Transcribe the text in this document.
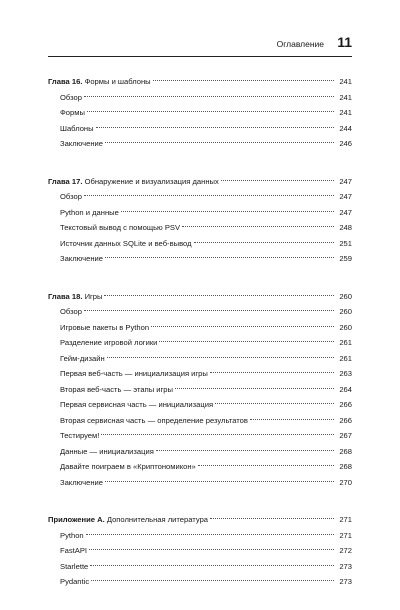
Оглавление 11
Глава 16. Формы и шаблоны	241
Обзор	241
Формы	241
Шаблоны	244
Заключение	246
Глава 17. Обнаружение и визуализация данных	247
Обзор	247
Python и данные	247
Текстовый вывод с помощью PSV	248
Источник данных SQLite и веб-вывод	251
Заключение	259
Глава 18. Игры	260
Обзор	260
Игровые пакеты в Python	260
Разделение игровой логики	261
Гейм-дизайн	261
Первая веб-часть — инициализация игры	263
Вторая веб-часть — этапы игры	264
Первая сервисная часть — инициализация	266
Вторая сервисная часть — определение результатов	266
Тестируем!	267
Данные — инициализация	268
Давайте поиграем в «Криптономикон»	268
Заключение	270
Приложение А. Дополнительная литература	271
Python	271
FastAPI	272
Starlette	273
Pydantic	273
